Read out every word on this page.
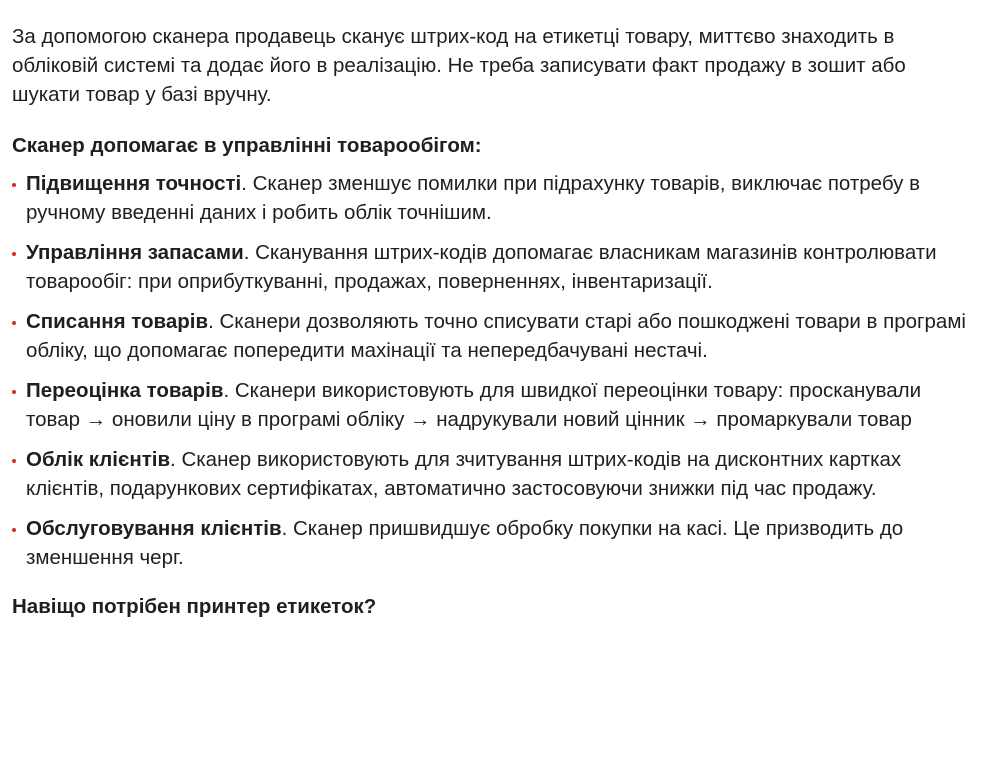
За допомогою сканера продавець сканує штрих-код на етикетці товару, миттєво знаходить в обліковій системі та додає його в реалізацію. Не треба записувати факт продажу в зошит або шукати товар у базі вручну.

Сканер допомагає в управлінні товарообігом:
Підвищення точності. Сканер зменшує помилки при підрахунку товарів, виключає потребу в ручному введенні даних і робить облік точнішим.
Управління запасами. Сканування штрих-кодів допомагає власникам магазинів контролювати товарообіг: при оприбуткуванні, продажах, поверненнях, інвентаризації.
Списання товарів. Сканери дозволяють точно списувати старі або пошкоджені товари в програмі обліку, що допомагає попередити махінації та непередбачувані нестачі.
Переоцінка товарів. Сканери використовують для швидкої переоцінки товару: просканували товар → оновили ціну в програмі обліку → надрукували новий цінник → промаркували товар
Облік клієнтів. Сканер використовують для зчитування штрих-кодів на дисконтних картках клієнтів, подарункових сертифікатах, автоматично застосовуючи знижки під час продажу.
Обслуговування клієнтів. Сканер пришвидшує обробку покупки на касі. Це призводить до зменшення черг.
Навіщо потрібен принтер етикеток?
